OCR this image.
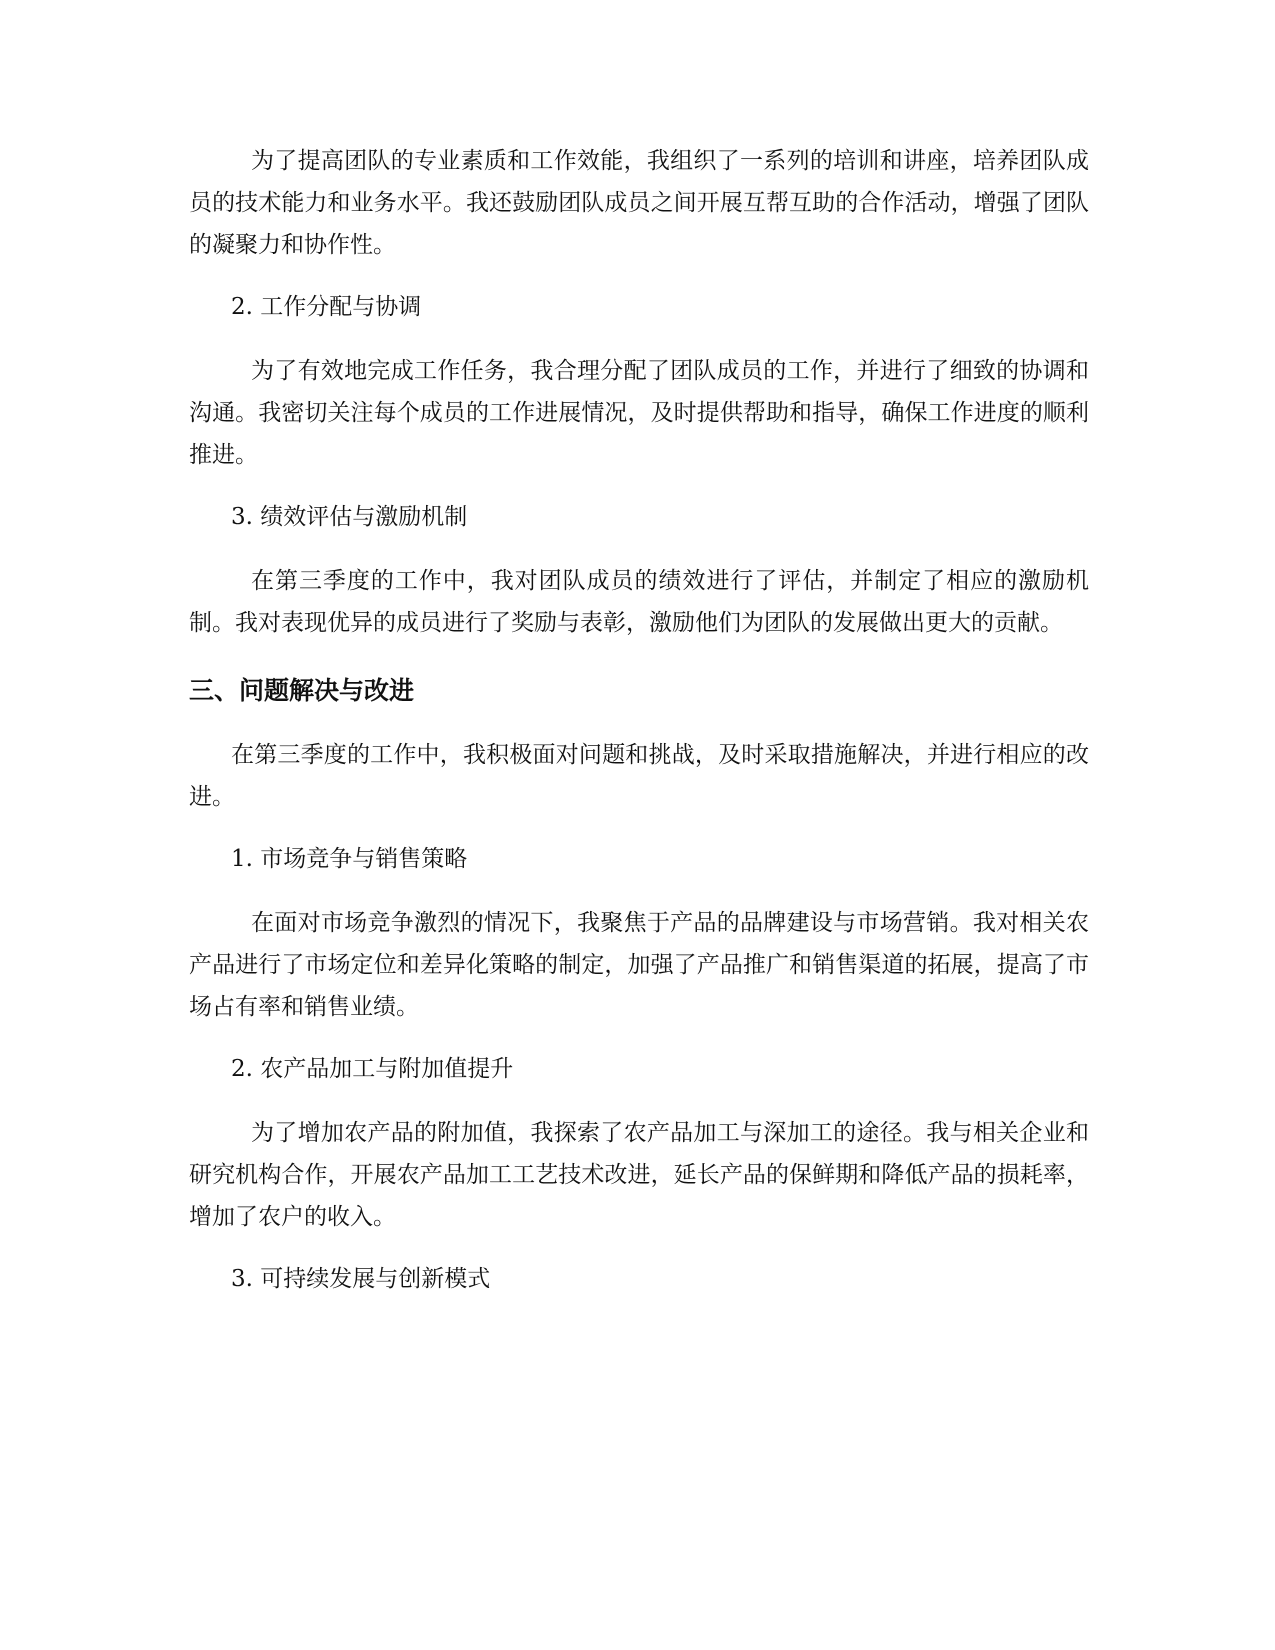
为了提高团队的专业素质和工作效能，我组织了一系列的培训和讲座，培养团队成员的技术能力和业务水平。我还鼓励团队成员之间开展互帮互助的合作活动，增强了团队的凝聚力和协作性。

2. 工作分配与协调

为了有效地完成工作任务，我合理分配了团队成员的工作，并进行了细致的协调和沟通。我密切关注每个成员的工作进展情况，及时提供帮助和指导，确保工作进度的顺利推进。

3. 绩效评估与激励机制

在第三季度的工作中，我对团队成员的绩效进行了评估，并制定了相应的激励机制。我对表现优异的成员进行了奖励与表彰，激励他们为团队的发展做出更大的贡献。

三、问题解决与改进

在第三季度的工作中，我积极面对问题和挑战，及时采取措施解决，并进行相应的改进。

1. 市场竞争与销售策略

在面对市场竞争激烈的情况下，我聚焦于产品的品牌建设与市场营销。我对相关农产品进行了市场定位和差异化策略的制定，加强了产品推广和销售渠道的拓展，提高了市场占有率和销售业绩。

2. 农产品加工与附加值提升

为了增加农产品的附加值，我探索了农产品加工与深加工的途径。我与相关企业和研究机构合作，开展农产品加工工艺技术改进，延长产品的保鲜期和降低产品的损耗率，增加了农户的收入。

3. 可持续发展与创新模式
